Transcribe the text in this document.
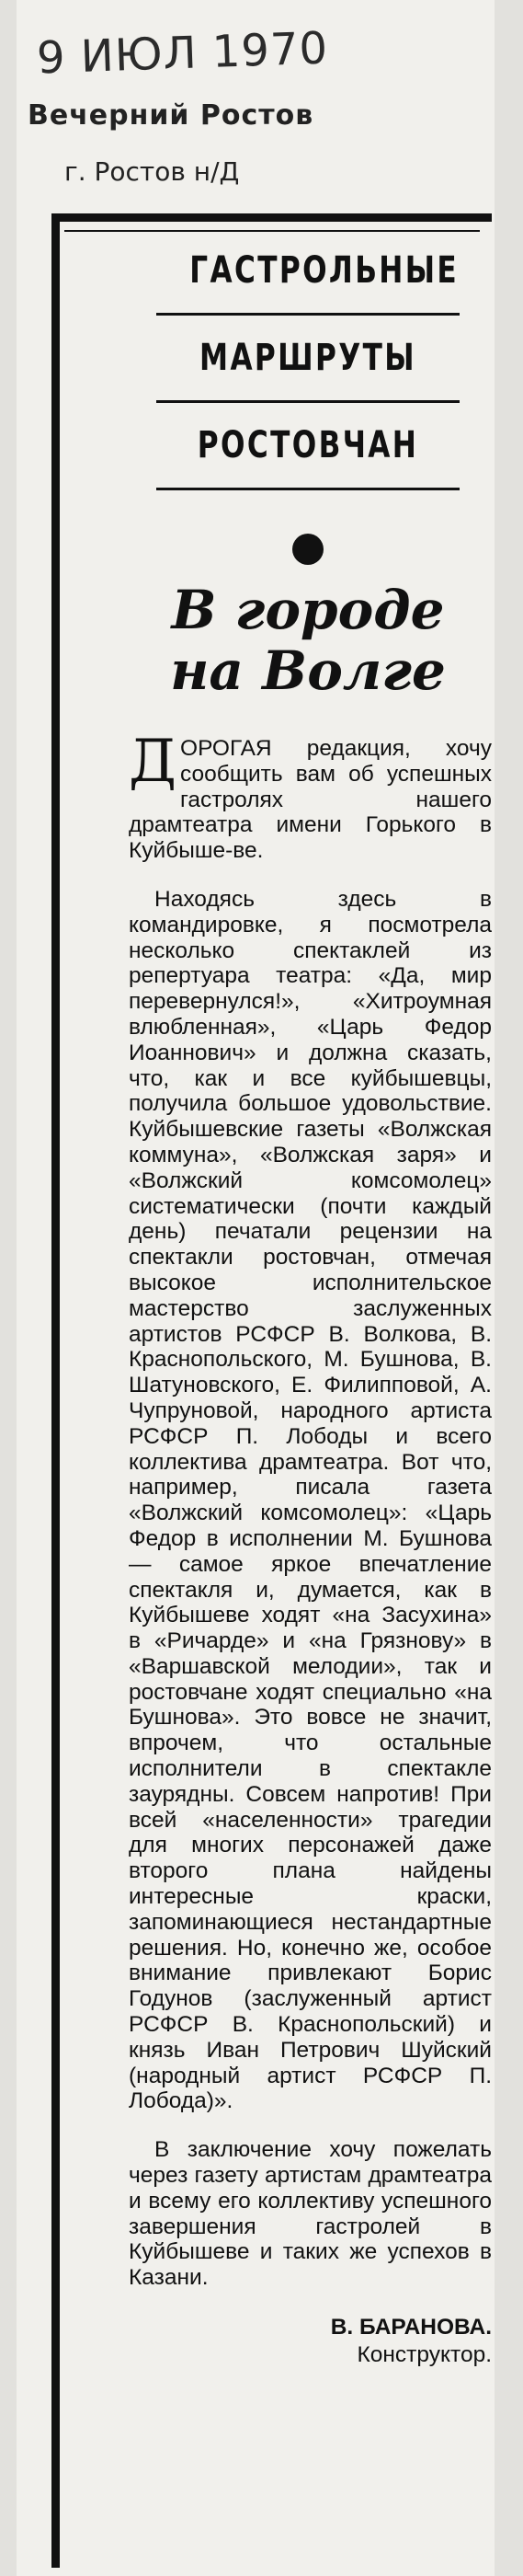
9 ИЮЛ 1970
Вечерний Ростов
г. Ростов н/Д
ГАСТРОЛЬНЫЕ
МАРШРУТЫ
РОСТОВЧАН
В городе
на Волге

ДОРОГАЯ редакция, хочу сообщить вам об успешных гастролях нашего драмтеатра имени Горького в Куйбыше-ве.

Находясь здесь в командировке, я посмотрела несколько спектаклей из репертуара театра: «Да, мир перевернулся!», «Хитроумная влюбленная», «Царь Федор Иоаннович» и должна сказать, что, как и все куйбышевцы, получила большое удовольствие. Куйбышевские газеты «Волжская коммуна», «Волжская заря» и «Волжский комсомолец» систематически (почти каждый день) печатали рецензии на спектакли ростовчан, отмечая высокое исполнительское мастерство заслуженных артистов РСФСР В. Волкова, В. Краснопольского, М. Бушнова, В. Шатуновского, Е. Филипповой, А. Чупруновой, народного артиста РСФСР П. Лободы и всего коллектива драмтеатра. Вот что, например, писала газета «Волжский комсомолец»: «Царь Федор в исполнении М. Бушнова — самое яркое впечатление спектакля и, думается, как в Куйбышеве ходят «на Засухина» в «Ричарде» и «на Грязнову» в «Варшавской мелодии», так и ростовчане ходят специально «на Бушнова». Это вовсе не значит, впрочем, что остальные исполнители в спектакле заурядны. Совсем напротив! При всей «населенности» трагедии для многих персонажей даже второго плана найдены интересные краски, запоминающиеся нестандартные решения. Но, конечно же, особое внимание привлекают Борис Годунов (заслуженный артист РСФСР В. Краснопольский) и князь Иван Петрович Шуйский (народный артист РСФСР П. Лобода)».

В заключение хочу пожелать через газету артистам драмтеатра и всему его коллективу успешного завершения гастролей в Куйбышеве и таких же успехов в Казани.

В. БАРАНОВА.
Конструктор.
